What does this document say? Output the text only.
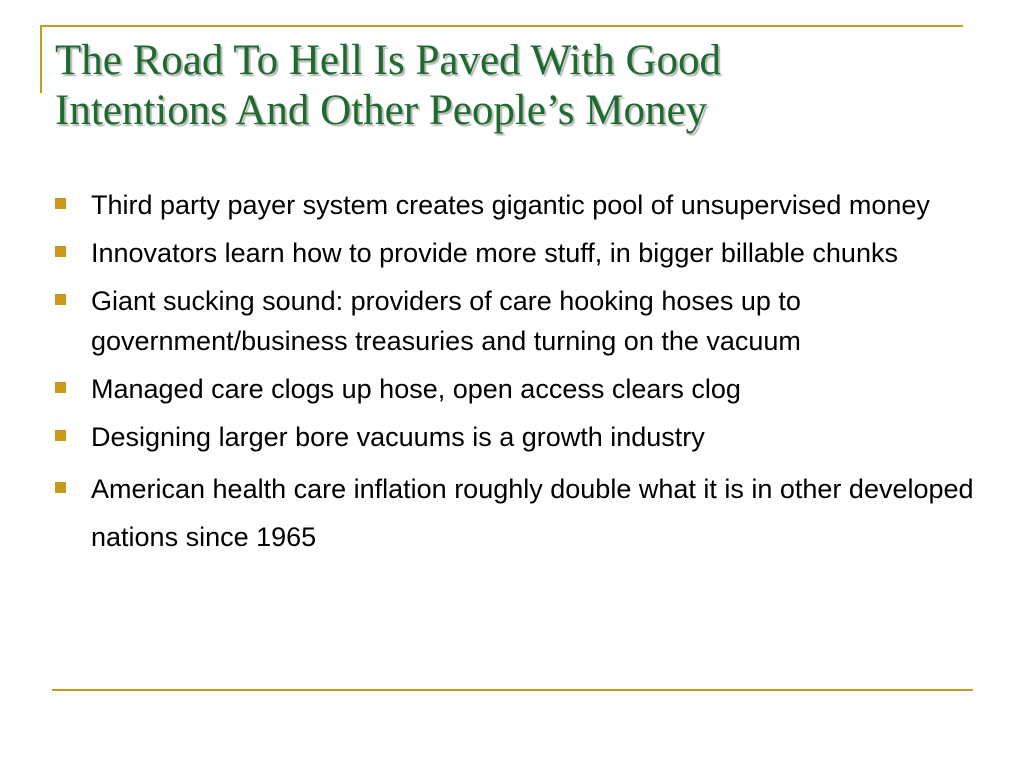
The Road To Hell Is Paved With Good
Intentions And Other People’s Money
Third party payer system creates gigantic pool of unsupervised money
Innovators learn how to provide more stuff, in bigger billable chunks
Giant sucking sound: providers of care hooking hoses up to government/business treasuries and turning on the vacuum
Managed care clogs up hose, open access clears clog
Designing larger bore vacuums is a growth industry
American health care inflation roughly double what it is in other developed nations since 1965
